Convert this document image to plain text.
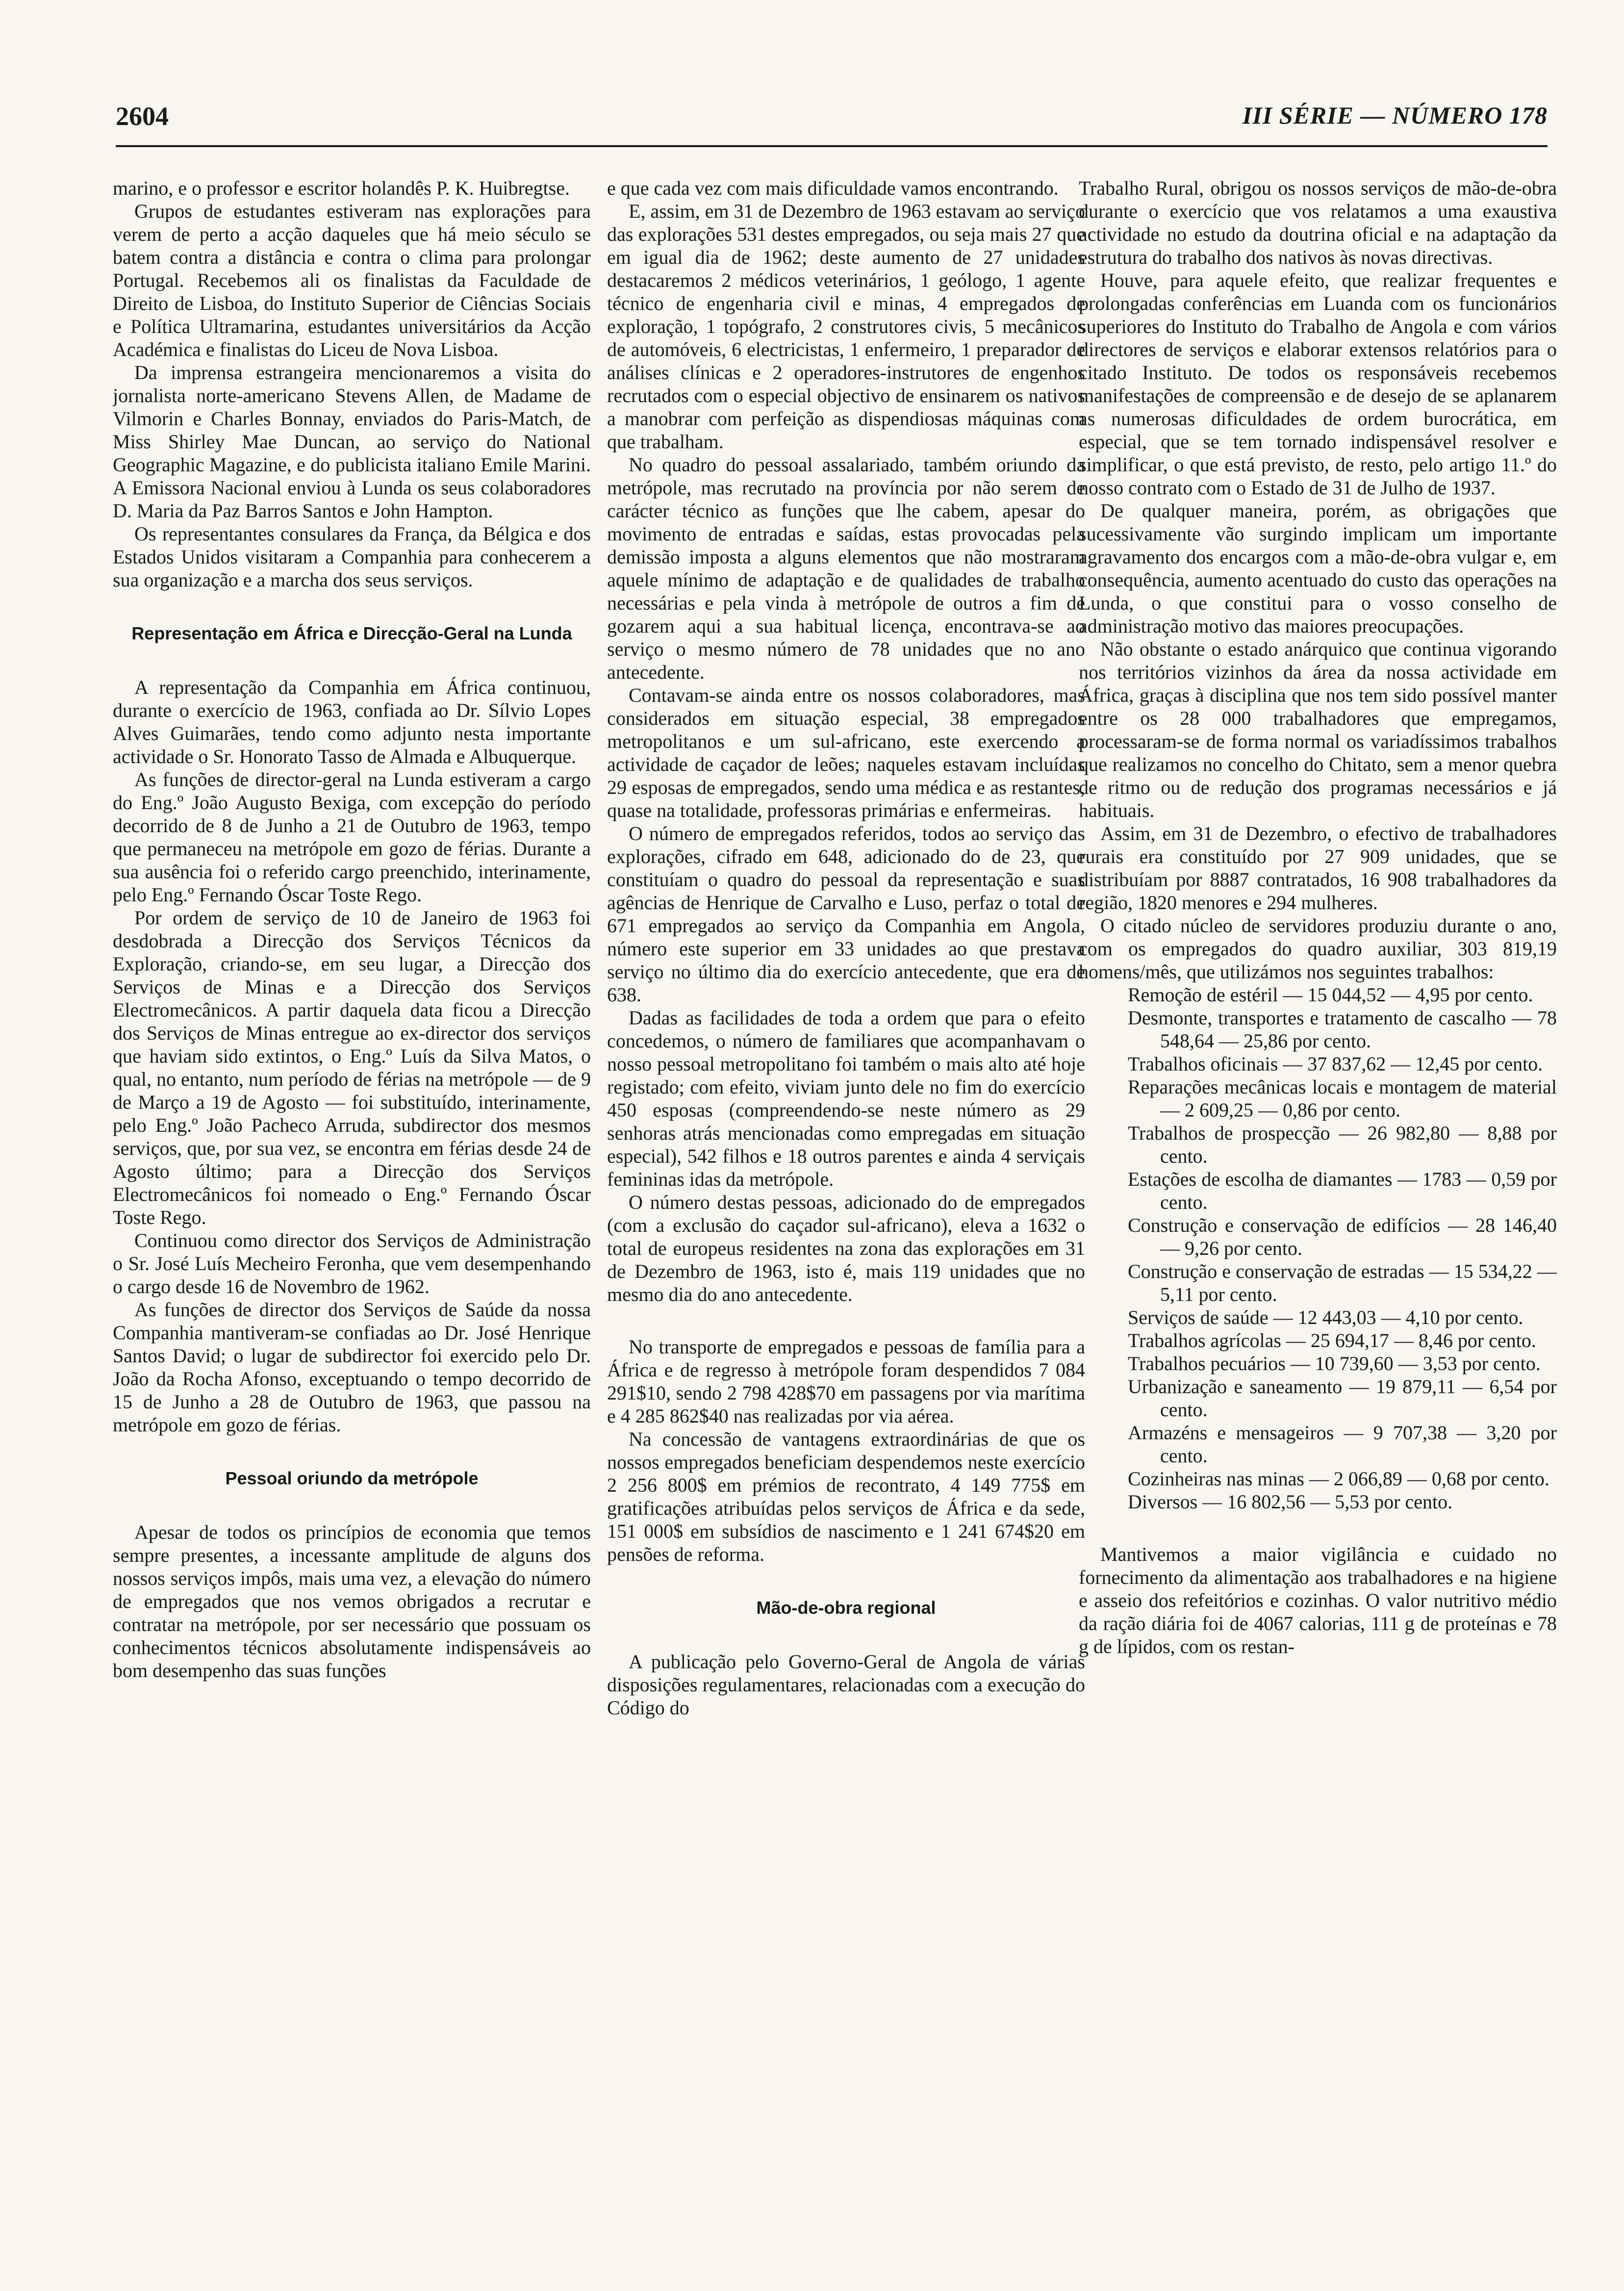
2604	III SÉRIE — NÚMERO 178

marino, e o professor e escritor holandês P. K. Huibregtse.

Grupos de estudantes estiveram nas explorações para verem de perto a acção daqueles que há meio século se batem contra a distância e contra o clima para prolongar Portugal. Recebemos ali os finalistas da Faculdade de Direito de Lisboa, do Instituto Superior de Ciências Sociais e Política Ultramarina, estudantes universitários da Acção Académica e finalistas do Liceu de Nova Lisboa.

Da imprensa estrangeira mencionaremos a visita do jornalista norte-americano Stevens Allen, de Madame de Vilmorin e Charles Bonnay, enviados do Paris-Match, de Miss Shirley Mae Duncan, ao serviço do National Geographic Magazine, e do publicista italiano Emile Marini. A Emissora Nacional enviou à Lunda os seus colaboradores D. Maria da Paz Barros Santos e John Hampton.

Os representantes consulares da França, da Bélgica e dos Estados Unidos visitaram a Companhia para conhecerem a sua organização e a marcha dos seus serviços.

Representação em África e Direcção-Geral na Lunda

A representação da Companhia em África continuou, durante o exercício de 1963, confiada ao Dr. Sílvio Lopes Alves Guimarães, tendo como adjunto nesta importante actividade o Sr. Honorato Tasso de Almada e Albuquerque.

As funções de director-geral na Lunda estiveram a cargo do Eng.º João Augusto Bexiga, com excepção do período decorrido de 8 de Junho a 21 de Outubro de 1963, tempo que permaneceu na metrópole em gozo de férias. Durante a sua ausência foi o referido cargo preenchido, interinamente, pelo Eng.º Fernando Óscar Toste Rego.

Por ordem de serviço de 10 de Janeiro de 1963 foi desdobrada a Direcção dos Serviços Técnicos da Exploração, criando-se, em seu lugar, a Direcção dos Serviços de Minas e a Direcção dos Serviços Electromecânicos. A partir daquela data ficou a Direcção dos Serviços de Minas entregue ao ex-director dos serviços que haviam sido extintos, o Eng.º Luís da Silva Matos, o qual, no entanto, num período de férias na metrópole — de 9 de Março a 19 de Agosto — foi substituído, interinamente, pelo Eng.º João Pacheco Arruda, subdirector dos mesmos serviços, que, por sua vez, se encontra em férias desde 24 de Agosto último; para a Direcção dos Serviços Electromecânicos foi nomeado o Eng.º Fernando Óscar Toste Rego.

Continuou como director dos Serviços de Administração o Sr. José Luís Mecheiro Feronha, que vem desempenhando o cargo desde 16 de Novembro de 1962.

As funções de director dos Serviços de Saúde da nossa Companhia mantiveram-se confiadas ao Dr. José Henrique Santos David; o lugar de subdirector foi exercido pelo Dr. João da Rocha Afonso, exceptuando o tempo decorrido de 15 de Junho a 28 de Outubro de 1963, que passou na metrópole em gozo de férias.

Pessoal oriundo da metrópole

Apesar de todos os princípios de economia que temos sempre presentes, a incessante amplitude de alguns dos nossos serviços impôs, mais uma vez, a elevação do número de empregados que nos vemos obrigados a recrutar e contratar na metrópole, por ser necessário que possuam os conhecimentos técnicos absolutamente indispensáveis ao bom desempenho das suas funções

e que cada vez com mais dificuldade vamos encontrando.

E, assim, em 31 de Dezembro de 1963 estavam ao serviço das explorações 531 destes empregados, ou seja mais 27 que em igual dia de 1962; deste aumento de 27 unidades destacaremos 2 médicos veterinários, 1 geólogo, 1 agente técnico de engenharia civil e minas, 4 empregados de exploração, 1 topógrafo, 2 construtores civis, 5 mecânicos de automóveis, 6 electricistas, 1 enfermeiro, 1 preparador de análises clínicas e 2 operadores-instrutores de engenhos recrutados com o especial objectivo de ensinarem os nativos a manobrar com perfeição as dispendiosas máquinas com que trabalham.

No quadro do pessoal assalariado, também oriundo da metrópole, mas recrutado na província por não serem de carácter técnico as funções que lhe cabem, apesar do movimento de entradas e saídas, estas provocadas pela demissão imposta a alguns elementos que não mostraram aquele mínimo de adaptação e de qualidades de trabalho necessárias e pela vinda à metrópole de outros a fim de gozarem aqui a sua habitual licença, encontrava-se ao serviço o mesmo número de 78 unidades que no ano antecedente.

Contavam-se ainda entre os nossos colaboradores, mas considerados em situação especial, 38 empregados metropolitanos e um sul-africano, este exercendo a actividade de caçador de leões; naqueles estavam incluídas 29 esposas de empregados, sendo uma médica e as restantes, quase na totalidade, professoras primárias e enfermeiras.

O número de empregados referidos, todos ao serviço das explorações, cifrado em 648, adicionado do de 23, que constituíam o quadro do pessoal da representação e suas agências de Henrique de Carvalho e Luso, perfaz o total de 671 empregados ao serviço da Companhia em Angola, número este superior em 33 unidades ao que prestava serviço no último dia do exercício antecedente, que era de 638.

Dadas as facilidades de toda a ordem que para o efeito concedemos, o número de familiares que acompanhavam o nosso pessoal metropolitano foi também o mais alto até hoje registado; com efeito, viviam junto dele no fim do exercício 450 esposas (compreendendo-se neste número as 29 senhoras atrás mencionadas como empregadas em situação especial), 542 filhos e 18 outros parentes e ainda 4 serviçais femininas idas da metrópole.

O número destas pessoas, adicionado do de empregados (com a exclusão do caçador sul-africano), eleva a 1632 o total de europeus residentes na zona das explorações em 31 de Dezembro de 1963, isto é, mais 119 unidades que no mesmo dia do ano antecedente.

No transporte de empregados e pessoas de família para a África e de regresso à metrópole foram despendidos 7 084 291$10, sendo 2 798 428$70 em passagens por via marítima e 4 285 862$40 nas realizadas por via aérea.

Na concessão de vantagens extraordinárias de que os nossos empregados beneficiam despendemos neste exercício 2 256 800$ em prémios de recontrato, 4 149 775$ em gratificações atribuídas pelos serviços de África e da sede, 151 000$ em subsídios de nascimento e 1 241 674$20 em pensões de reforma.

Mão-de-obra regional

A publicação pelo Governo-Geral de Angola de várias disposições regulamentares, relacionadas com a execução do Código do

Trabalho Rural, obrigou os nossos serviços de mão-de-obra durante o exercício que vos relatamos a uma exaustiva actividade no estudo da doutrina oficial e na adaptação da estrutura do trabalho dos nativos às novas directivas.

Houve, para aquele efeito, que realizar frequentes e prolongadas conferências em Luanda com os funcionários superiores do Instituto do Trabalho de Angola e com vários directores de serviços e elaborar extensos relatórios para o citado Instituto. De todos os responsáveis recebemos manifestações de compreensão e de desejo de se aplanarem as numerosas dificuldades de ordem burocrática, em especial, que se tem tornado indispensável resolver e simplificar, o que está previsto, de resto, pelo artigo 11.º do nosso contrato com o Estado de 31 de Julho de 1937.

De qualquer maneira, porém, as obrigações que sucessivamente vão surgindo implicam um importante agravamento dos encargos com a mão-de-obra vulgar e, em consequência, aumento acentuado do custo das operações na Lunda, o que constitui para o vosso conselho de administração motivo das maiores preocupações.

Não obstante o estado anárquico que continua vigorando nos territórios vizinhos da área da nossa actividade em África, graças à disciplina que nos tem sido possível manter entre os 28 000 trabalhadores que empregamos, processaram-se de forma normal os variadíssimos trabalhos que realizamos no concelho do Chitato, sem a menor quebra de ritmo ou de redução dos programas necessários e já habituais.

Assim, em 31 de Dezembro, o efectivo de trabalhadores rurais era constituído por 27 909 unidades, que se distribuíam por 8887 contratados, 16 908 trabalhadores da região, 1820 menores e 294 mulheres.

O citado núcleo de servidores produziu durante o ano, com os empregados do quadro auxiliar, 303 819,19 homens/mês, que utilizámos nos seguintes trabalhos:

Remoção de estéril — 15 044,52 — 4,95 por cento.

Desmonte, transportes e tratamento de cascalho — 78 548,64 — 25,86 por cento.

Trabalhos oficinais — 37 837,62 — 12,45 por cento.

Reparações mecânicas locais e montagem de material — 2 609,25 — 0,86 por cento.

Trabalhos de prospecção — 26 982,80 — 8,88 por cento.

Estações de escolha de diamantes — 1783 — 0,59 por cento.

Construção e conservação de edifícios — 28 146,40 — 9,26 por cento.

Construção e conservação de estradas — 15 534,22 — 5,11 por cento.

Serviços de saúde — 12 443,03 — 4,10 por cento.

Trabalhos agrícolas — 25 694,17 — 8,46 por cento.

Trabalhos pecuários — 10 739,60 — 3,53 por cento.

Urbanização e saneamento — 19 879,11 — 6,54 por cento.

Armazéns e mensageiros — 9 707,38 — 3,20 por cento.

Cozinheiras nas minas — 2 066,89 — 0,68 por cento.

Diversos — 16 802,56 — 5,53 por cento.

Mantivemos a maior vigilância e cuidado no fornecimento da alimentação aos trabalhadores e na higiene e asseio dos refeitórios e cozinhas. O valor nutritivo médio da ração diária foi de 4067 calorias, 111 g de proteínas e 78 g de lípidos, com os restan-
